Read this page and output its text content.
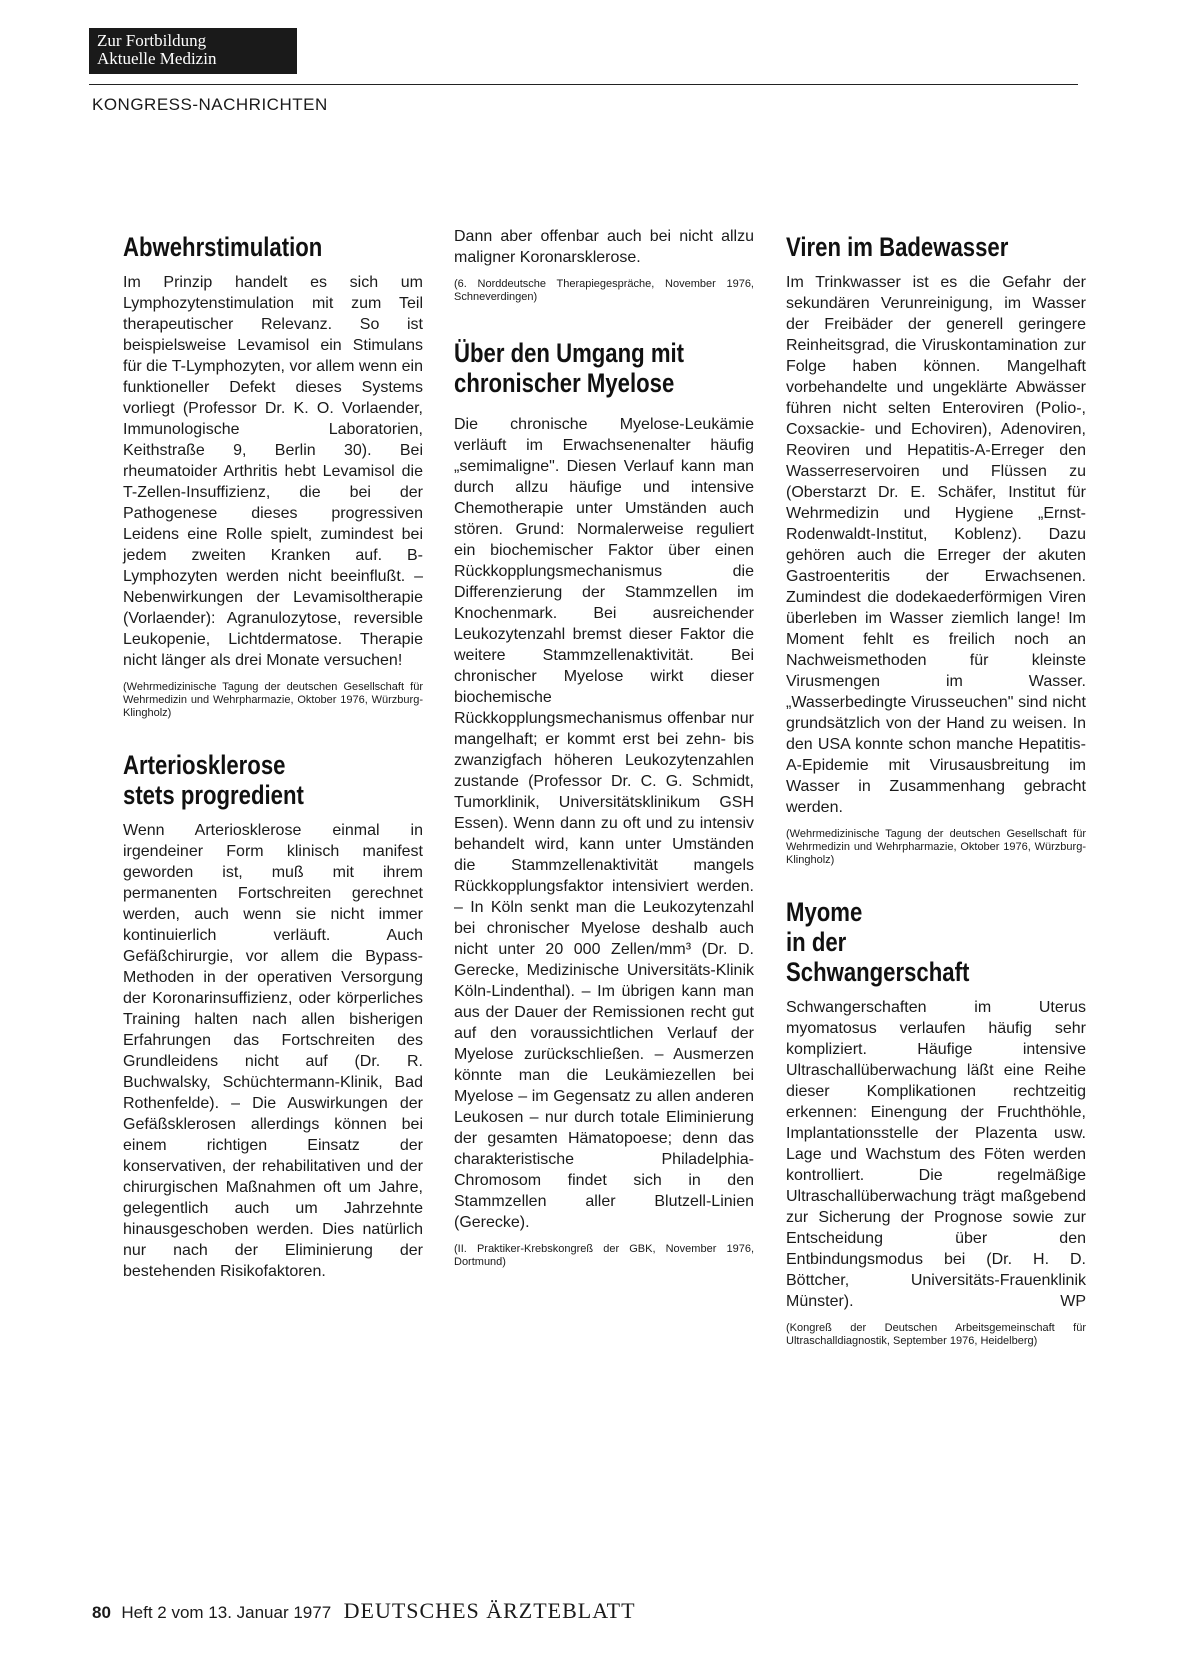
Zur Fortbildung
Aktuelle Medizin
KONGRESS-NACHRICHTEN
Abwehrstimulation

Im Prinzip handelt es sich um Lymphozytenstimulation mit zum Teil therapeutischer Relevanz. So ist beispielsweise Levamisol ein Stimulans für die T-Lymphozyten, vor allem wenn ein funktioneller Defekt dieses Systems vorliegt (Professor Dr. K. O. Vorlaender, Immunologische Laboratorien, Keithstraße 9, Berlin 30). Bei rheumatoider Arthritis hebt Levamisol die T-Zellen-Insuffizienz, die bei der Pathogenese dieses progressiven Leidens eine Rolle spielt, zumindest bei jedem zweiten Kranken auf. B-Lymphozyten werden nicht beeinflußt. – Nebenwirkungen der Levamisoltherapie (Vorlaender): Agranulozytose, reversible Leukopenie, Lichtdermatose. Therapie nicht länger als drei Monate versuchen!

(Wehrmedizinische Tagung der deutschen Gesellschaft für Wehrmedizin und Wehrpharmazie, Oktober 1976, Würzburg-Klingholz)

Arteriosklerose
stets progredient

Wenn Arteriosklerose einmal in irgendeiner Form klinisch manifest geworden ist, muß mit ihrem permanenten Fortschreiten gerechnet werden, auch wenn sie nicht immer kontinuierlich verläuft. Auch Gefäßchirurgie, vor allem die Bypass-Methoden in der operativen Versorgung der Koronarinsuffizienz, oder körperliches Training halten nach allen bisherigen Erfahrungen das Fortschreiten des Grundleidens nicht auf (Dr. R. Buchwalsky, Schüchtermann-Klinik, Bad Rothenfelde). – Die Auswirkungen der Gefäßsklerosen allerdings können bei einem richtigen Einsatz der konservativen, der rehabilitativen und der chirurgischen Maßnahmen oft um Jahre, gelegentlich auch um Jahrzehnte hinausgeschoben werden. Dies natürlich nur nach der Eliminierung der bestehenden Risikofaktoren.

Dann aber offenbar auch bei nicht allzu maligner Koronarsklerose.

(6. Norddeutsche Therapiegespräche, November 1976, Schneverdingen)

Über den Umgang mit
chronischer Myelose

Die chronische Myelose-Leukämie verläuft im Erwachsenenalter häufig „semimaligne". Diesen Verlauf kann man durch allzu häufige und intensive Chemotherapie unter Umständen auch stören. Grund: Normalerweise reguliert ein biochemischer Faktor über einen Rückkopplungsmechanismus die Differenzierung der Stammzellen im Knochenmark. Bei ausreichender Leukozytenzahl bremst dieser Faktor die weitere Stammzellenaktivität. Bei chronischer Myelose wirkt dieser biochemische Rückkopplungsmechanismus offenbar nur mangelhaft; er kommt erst bei zehn- bis zwanzigfach höheren Leukozytenzahlen zustande (Professor Dr. C. G. Schmidt, Tumorklinik, Universitätsklinikum GSH Essen). Wenn dann zu oft und zu intensiv behandelt wird, kann unter Umständen die Stammzellenaktivität mangels Rückkopplungsfaktor intensiviert werden. – In Köln senkt man die Leukozytenzahl bei chronischer Myelose deshalb auch nicht unter 20 000 Zellen/mm³ (Dr. D. Gerecke, Medizinische Universitäts-Klinik Köln-Lindenthal). – Im übrigen kann man aus der Dauer der Remissionen recht gut auf den voraussichtlichen Verlauf der Myelose zurückschließen. – Ausmerzen könnte man die Leukämiezellen bei Myelose – im Gegensatz zu allen anderen Leukosen – nur durch totale Eliminierung der gesamten Hämatopoese; denn das charakteristische Philadelphia-Chromosom findet sich in den Stammzellen aller Blutzell-Linien (Gerecke).

(II. Praktiker-Krebskongreß der GBK, November 1976, Dortmund)

Viren im Badewasser

Im Trinkwasser ist es die Gefahr der sekundären Verunreinigung, im Wasser der Freibäder der generell geringere Reinheitsgrad, die Viruskontamination zur Folge haben können. Mangelhaft vorbehandelte und ungeklärte Abwässer führen nicht selten Enteroviren (Polio-, Coxsackie- und Echoviren), Adenoviren, Reoviren und Hepatitis-A-Erreger den Wasserreservoiren und Flüssen zu (Oberstarzt Dr. E. Schäfer, Institut für Wehrmedizin und Hygiene „Ernst-Rodenwaldt-Institut, Koblenz). Dazu gehören auch die Erreger der akuten Gastroenteritis der Erwachsenen. Zumindest die dodekaederförmigen Viren überleben im Wasser ziemlich lange! Im Moment fehlt es freilich noch an Nachweismethoden für kleinste Virusmengen im Wasser. „Wasserbedingte Virusseuchen" sind nicht grundsätzlich von der Hand zu weisen. In den USA konnte schon manche Hepatitis-A-Epidemie mit Virusausbreitung im Wasser in Zusammenhang gebracht werden.

(Wehrmedizinische Tagung der deutschen Gesellschaft für Wehrmedizin und Wehrpharmazie, Oktober 1976, Würzburg-Klingholz)

Myome
in der Schwangerschaft

Schwangerschaften im Uterus myomatosus verlaufen häufig sehr kompliziert. Häufige intensive Ultraschallüberwachung läßt eine Reihe dieser Komplikationen rechtzeitig erkennen: Einengung der Fruchthöhle, Implantationsstelle der Plazenta usw. Lage und Wachstum des Föten werden kontrolliert. Die regelmäßige Ultraschallüberwachung trägt maßgebend zur Sicherung der Prognose sowie zur Entscheidung über den Entbindungsmodus bei (Dr. H. D. Böttcher, Universitäts-Frauenklinik Münster).	WP

(Kongreß der Deutschen Arbeitsgemeinschaft für Ultraschalldiagnostik, September 1976, Heidelberg)

80 Heft 2 vom 13. Januar 1977 DEUTSCHES ÄRZTEBLATT
